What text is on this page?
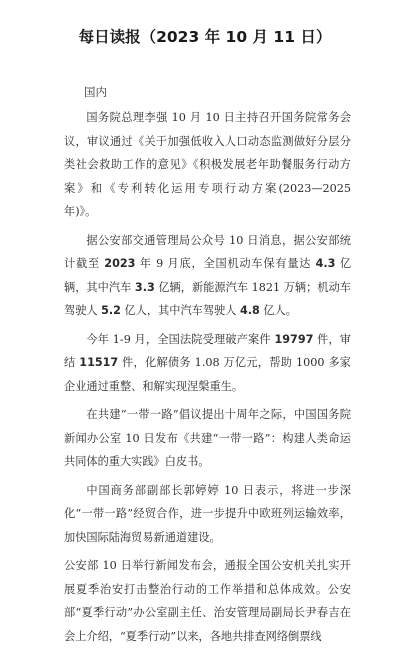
每日读报（2023 年 10 月 11 日）
国内

国务院总理李强 10 月 10 日主持召开国务院常务会议，审议通过《关于加强低收入人口动态监测做好分层分类社会救助工作的意见》《积极发展老年助餐服务行动方案》和《专利转化运用专项行动方案(2023—2025 年)》。

据公安部交通管理局公众号 10 日消息，据公安部统计截至 2023 年 9 月底，全国机动车保有量达 4.3 亿辆，其中汽车 3.3 亿辆，新能源汽车 1821 万辆；机动车驾驶人 5.2 亿人，其中汽车驾驶人 4.8 亿人。

今年 1-9 月，全国法院受理破产案件 19797 件，审结 11517 件，化解债务 1.08 万亿元，帮助 1000 多家企业通过重整、和解实现涅槃重生。

在共建“一带一路”倡议提出十周年之际，中国国务院新闻办公室 10 日发布《共建“一带一路”：构建人类命运共同体的重大实践》白皮书。

中国商务部副部长郭婷婷 10 日表示，将进一步深化“一带一路”经贸合作，进一步提升中欧班列运输效率，加快国际陆海贸易新通道建设。

公安部 10 日举行新闻发布会，通报全国公安机关扎实开展夏季治安打击整治行动的工作举措和总体成效。公安部“夏季行动”办公室副主任、治安管理局副局长尹春吉在会上介绍，“夏季行动”以来，各地共排查网络倒票线
